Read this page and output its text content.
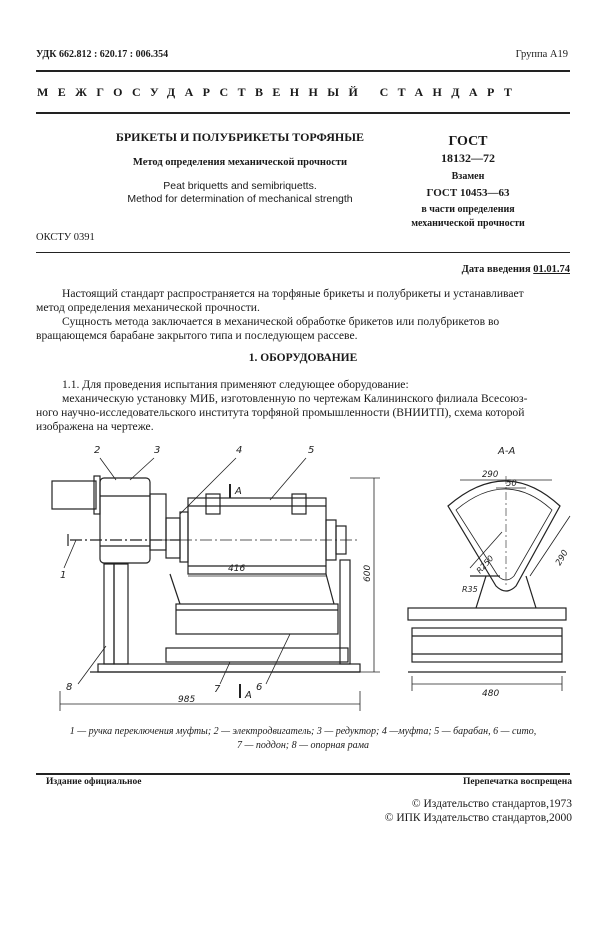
УДК 662.812 : 620.17 : 006.354	Группа А19
МЕЖГОСУДАРСТВЕННЫЙ СТАНДАРТ
БРИКЕТЫ И ПОЛУБРИКЕТЫ ТОРФЯНЫЕ
Метод определения механической прочности
Peat briquetts and semibriquetts.
Method for determination of mechanical strength
ГОСТ
18132—72
Взамен
ГОСТ 10453—63
в части определения
механической прочности
ОКСТУ 0391
Дата введения 01.01.74
Настоящий стандарт распространяется на торфяные брикеты и полубрикеты и устанавливает
метод определения механической прочности.
Сущность метода заключается в механической обработке брикетов или полубрикетов во
вращающемся барабане закрытого типа и последующем рассеве.
1. ОБОРУДОВАНИЕ
1.1. Для проведения испытания применяют следующее оборудование:
механическую установку МИБ, изготовленную по чертежам Калининского филиала Всесоюз-
ного научно-исследовательского института торфяной промышленности (ВНИИТП), схема которой
изображена на чертеже.
2	3	4	5
1
8	7	6
А
А
416
985
600
А-А
290
50
290
R250
R35
480
1 — ручка переключения муфты; 2 — электродвигатель; 3 — редуктор; 4 —муфта; 5 — барабан, 6 — сито,
7 — поддон; 8 — опорная рама
Издание официальное	Перепечатка воспрещена
© Издательство стандартов,1973
© ИПК Издательство стандартов,2000
